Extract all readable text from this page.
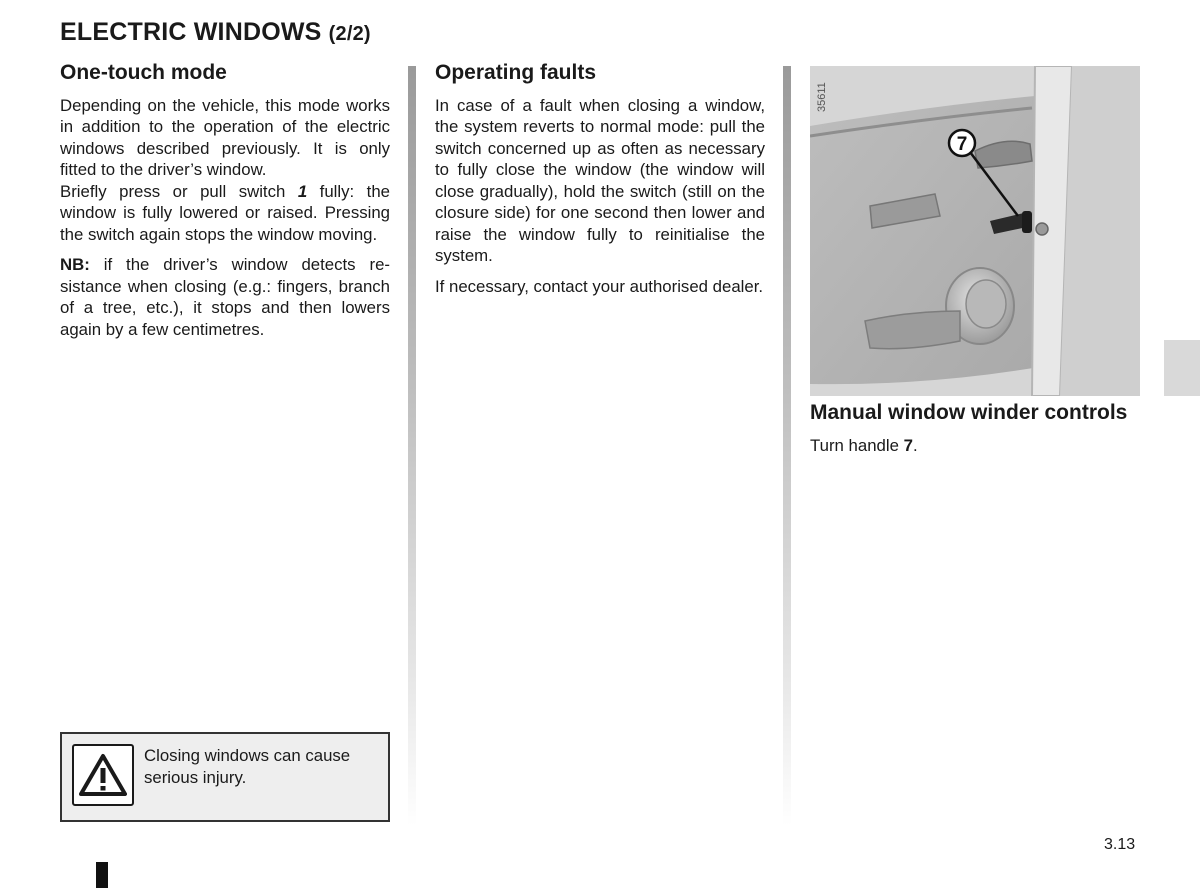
ELECTRIC WINDOWS (2/2)
One-touch mode

Depending on the vehicle, this mode works in addition to the operation of the electric windows described previously. It is only fitted to the driver’s window.

Briefly press or pull switch 1 fully: the window is fully lowered or raised. Pressing the switch again stops the window moving.

NB: if the driver’s window detects re-sistance when closing (e.g.: fingers, branch of a tree, etc.), it stops and then lowers again by a few centimetres.

Closing windows can cause serious injury.
Operating faults

In case of a fault when closing a window, the system reverts to normal mode: pull the switch concerned up as often as necessary to fully close the window (the window will close gradually), hold the switch (still on the closure side) for one second then lower and raise the window fully to reinitialise the system.

If necessary, contact your authorised dealer.

7
35611
Manual window winder controls

Turn handle 7.

3.13
